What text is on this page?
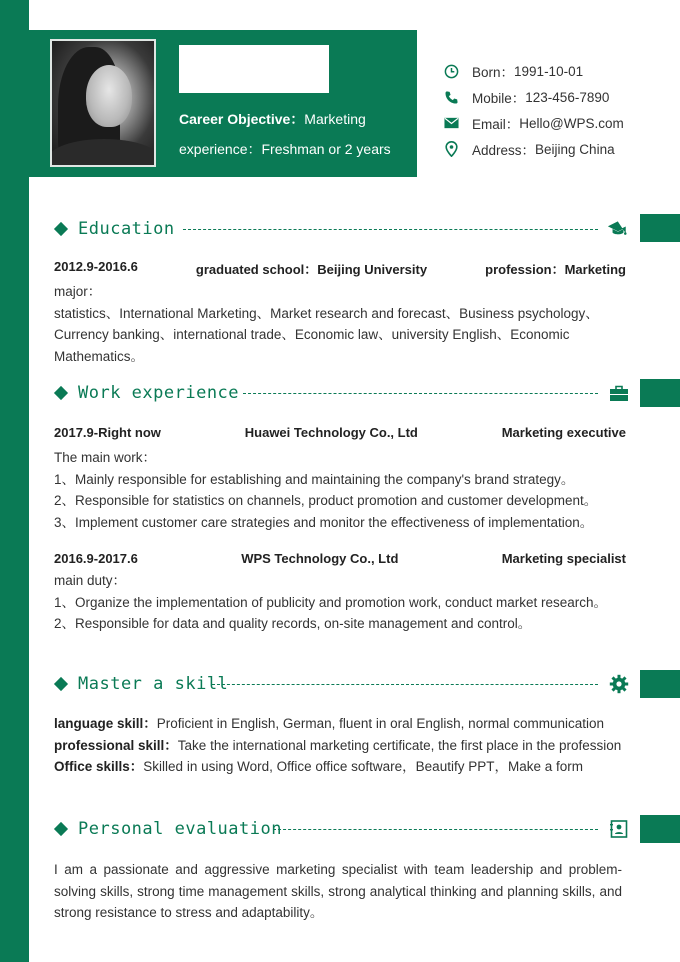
Career Objective：Marketing
experience：Freshman or 2 years
Born： 1991-10-01
Mobile： 123-456-7890
Email： Hello@WPS.com
Address： Beijing China
Education
2012.9-2016.6	graduated school：Beijing University	profession：Marketing

major：

statistics、International Marketing、Market research and forecast、Business psychology、Currency banking、international trade、Economic law、university English、Economic Mathematics。

Work experience
2017.9-Right now	Huawei Technology Co., Ltd	Marketing executive

The main work：

1、Mainly responsible for establishing and maintaining the company's brand strategy。

2、Responsible for statistics on channels, product promotion and customer development。

3、Implement customer care strategies and monitor the effectiveness of implementation。

2016.9-2017.6	WPS Technology Co., Ltd	Marketing specialist

main duty：

1、Organize the implementation of publicity and promotion work, conduct market research。

2、Responsible for data and quality records, on-site management and control。

Master a skill

language skill：Proficient in English, German, fluent in oral English, normal communication

professional skill：Take the international marketing certificate, the first place in the profession

Office skills：Skilled in using Word, Office office software，Beautify PPT，Make a form

Personal evaluation
I am a passionate and aggressive marketing specialist with team leadership and problem-solving skills, strong time management skills, strong analytical thinking and planning skills, and strong resistance to stress and adaptability。
